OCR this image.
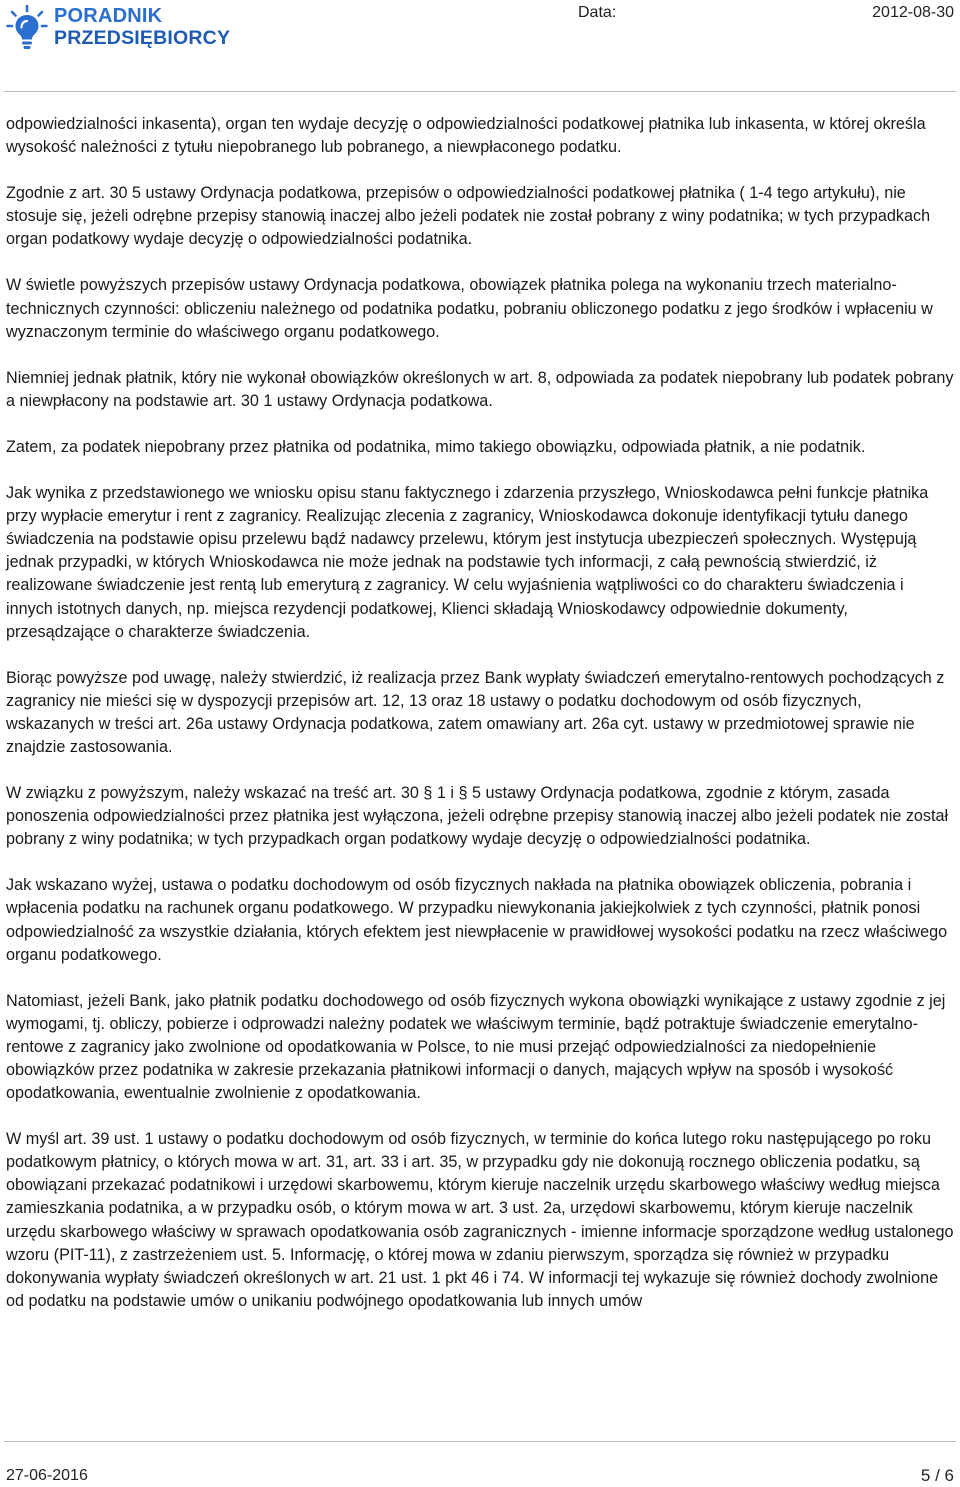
PORADNIK
PRZEDSIĘBIORCY
Data:	2012-08-30

odpowiedzialności inkasenta), organ ten wydaje decyzję o odpowiedzialności podatkowej płatnika lub inkasenta, w której określa wysokość należności z tytułu niepobranego lub pobranego, a niewpłaconego podatku.

Zgodnie z art. 30 5 ustawy Ordynacja podatkowa, przepisów o odpowiedzialności podatkowej płatnika ( 1-4 tego artykułu), nie stosuje się, jeżeli odrębne przepisy stanowią inaczej albo jeżeli podatek nie został pobrany z winy podatnika; w tych przypadkach organ podatkowy wydaje decyzję o odpowiedzialności podatnika.

W świetle powyższych przepisów ustawy Ordynacja podatkowa, obowiązek płatnika polega na wykonaniu trzech materialno-technicznych czynności: obliczeniu należnego od podatnika podatku, pobraniu obliczonego podatku z jego środków i wpłaceniu w wyznaczonym terminie do właściwego organu podatkowego.

Niemniej jednak płatnik, który nie wykonał obowiązków określonych w art. 8, odpowiada za podatek niepobrany lub podatek pobrany a niewpłacony na podstawie art. 30 1 ustawy Ordynacja podatkowa.

Zatem, za podatek niepobrany przez płatnika od podatnika, mimo takiego obowiązku, odpowiada płatnik, a nie podatnik.

Jak wynika z przedstawionego we wniosku opisu stanu faktycznego i zdarzenia przyszłego, Wnioskodawca pełni funkcje płatnika przy wypłacie emerytur i rent z zagranicy. Realizując zlecenia z zagranicy, Wnioskodawca dokonuje identyfikacji tytułu danego świadczenia na podstawie opisu przelewu bądź nadawcy przelewu, którym jest instytucja ubezpieczeń społecznych. Występują jednak przypadki, w których Wnioskodawca nie może jednak na podstawie tych informacji, z całą pewnością stwierdzić, iż realizowane świadczenie jest rentą lub emeryturą z zagranicy. W celu wyjaśnienia wątpliwości co do charakteru świadczenia i innych istotnych danych, np. miejsca rezydencji podatkowej, Klienci składają Wnioskodawcy odpowiednie dokumenty, przesądzające o charakterze świadczenia.

Biorąc powyższe pod uwagę, należy stwierdzić, iż realizacja przez Bank wypłaty świadczeń emerytalno-rentowych pochodzących z zagranicy nie mieści się w dyspozycji przepisów art. 12, 13 oraz 18 ustawy o podatku dochodowym od osób fizycznych, wskazanych w treści art. 26a ustawy Ordynacja podatkowa, zatem omawiany art. 26a cyt. ustawy w przedmiotowej sprawie nie znajdzie zastosowania.

W związku z powyższym, należy wskazać na treść art. 30 § 1 i § 5 ustawy Ordynacja podatkowa, zgodnie z którym, zasada ponoszenia odpowiedzialności przez płatnika jest wyłączona, jeżeli odrębne przepisy stanowią inaczej albo jeżeli podatek nie został pobrany z winy podatnika; w tych przypadkach organ podatkowy wydaje decyzję o odpowiedzialności podatnika.

Jak wskazano wyżej, ustawa o podatku dochodowym od osób fizycznych nakłada na płatnika obowiązek obliczenia, pobrania i wpłacenia podatku na rachunek organu podatkowego. W przypadku niewykonania jakiejkolwiek z tych czynności, płatnik ponosi odpowiedzialność za wszystkie działania, których efektem jest niewpłacenie w prawidłowej wysokości podatku na rzecz właściwego organu podatkowego.

Natomiast, jeżeli Bank, jako płatnik podatku dochodowego od osób fizycznych wykona obowiązki wynikające z ustawy zgodnie z jej wymogami, tj. obliczy, pobierze i odprowadzi należny podatek we właściwym terminie, bądź potraktuje świadczenie emerytalno-rentowe z zagranicy jako zwolnione od opodatkowania w Polsce, to nie musi przejąć odpowiedzialności za niedopełnienie obowiązków przez podatnika w zakresie przekazania płatnikowi informacji o danych, mających wpływ na sposób i wysokość opodatkowania, ewentualnie zwolnienie z opodatkowania.

W myśl art. 39 ust. 1 ustawy o podatku dochodowym od osób fizycznych, w terminie do końca lutego roku następującego po roku podatkowym płatnicy, o których mowa w art. 31, art. 33 i art. 35, w przypadku gdy nie dokonują rocznego obliczenia podatku, są obowiązani przekazać podatnikowi i urzędowi skarbowemu, którym kieruje naczelnik urzędu skarbowego właściwy według miejsca zamieszkania podatnika, a w przypadku osób, o którym mowa w art. 3 ust. 2a, urzędowi skarbowemu, którym kieruje naczelnik urzędu skarbowego właściwy w sprawach opodatkowania osób zagranicznych - imienne informacje sporządzone według ustalonego wzoru (PIT-11), z zastrzeżeniem ust. 5. Informację, o której mowa w zdaniu pierwszym, sporządza się również w przypadku dokonywania wypłaty świadczeń określonych w art. 21 ust. 1 pkt 46 i 74. W informacji tej wykazuje się również dochody zwolnione od podatku na podstawie umów o unikaniu podwójnego opodatkowania lub innych umów

27-06-2016	5 / 6
